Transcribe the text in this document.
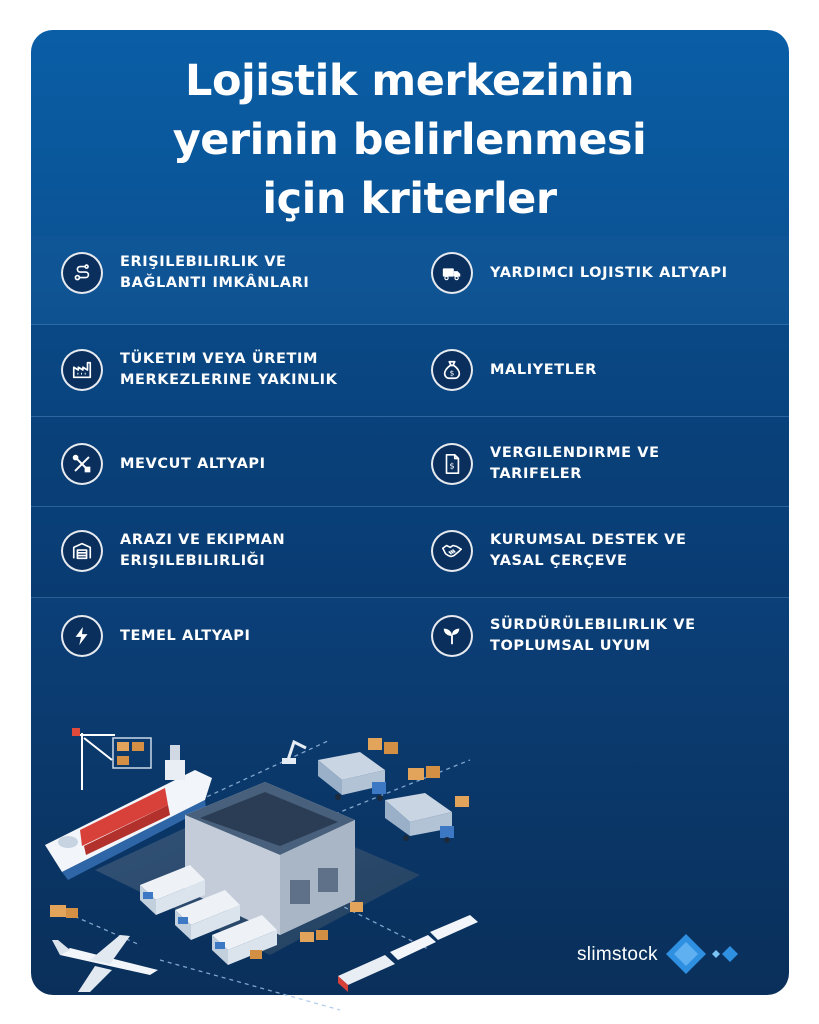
Lojistik merkezinin
yerinin belirlenmesi
için kriterler
ERIŞILEBILIRLIK VE
BAĞLANTI IMKÂNLARI
YARDIMCI LOJISTIK ALTYAPI
TÜKETIM VEYA ÜRETIM
MERKEZLERINE YAKINLIK	$ MALIYETLER
MEVCUT ALTYAPI	$
VERGILENDIRME VE
TARIFELER
ARAZI VE EKIPMAN
ERIŞILEBILIRLIĞI
KURUMSAL DESTEK VE
YASAL ÇERÇEVE
TEMEL ALTYAPI
SÜRDÜRÜLEBILIRLIK VE
TOPLUMSAL UYUM
slimstock
